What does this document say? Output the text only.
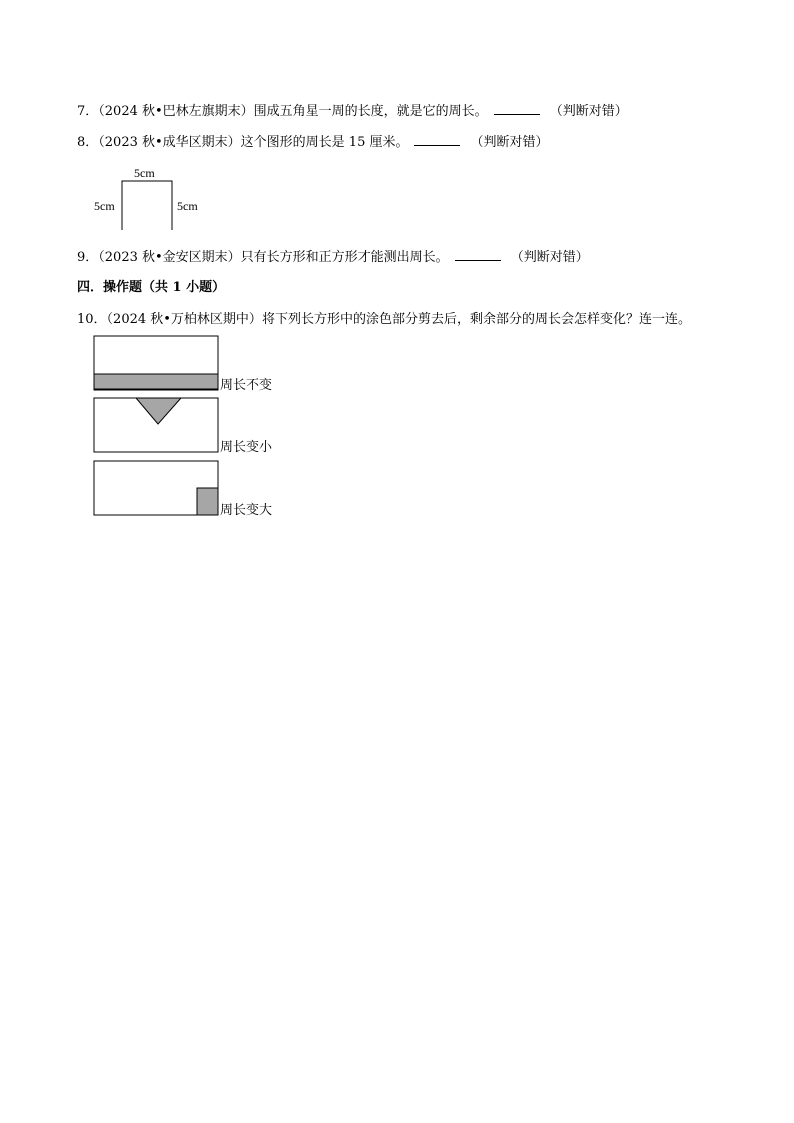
7．（2024 秋•巴林左旗期末）围成五角星一周的长度，就是它的周长。	（判断对错）
8．（2023 秋•成华区期末）这个图形的周长是 15 厘米。	（判断对错）
5cm
5cm	5cm
9．（2023 秋•金安区期末）只有长方形和正方形才能测出周长。	（判断对错）
四．操作题（共 1 小题）
10．（2024 秋•万柏林区期中）将下列长方形中的涂色部分剪去后，剩余部分的周长会怎样变化？连一连。
周长不变
周长变小
周长变大
